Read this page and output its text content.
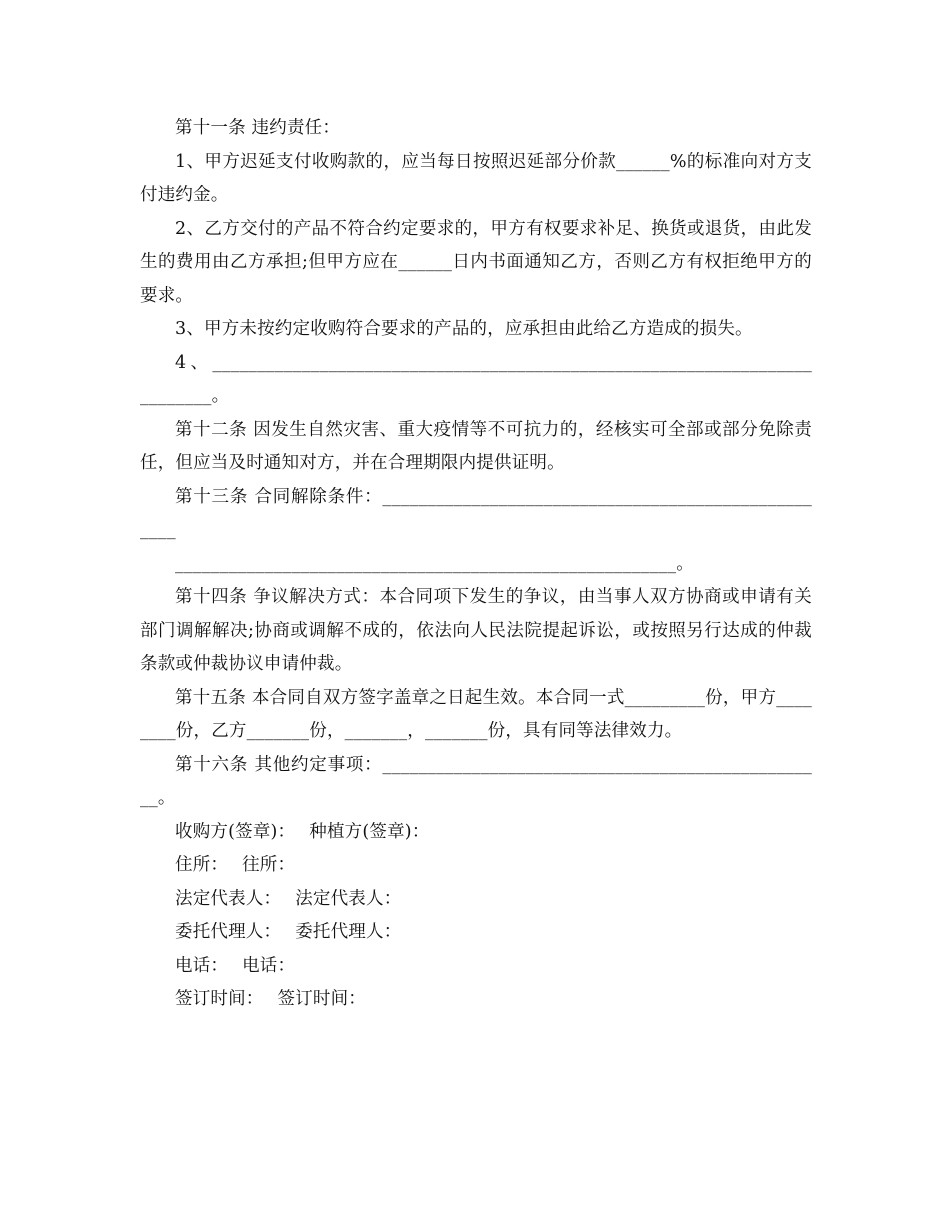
第十一条 违约责任：

1、甲方迟延支付收购款的，应当每日按照迟延部分价款______%的标准向对方支付违约金。

2、乙方交付的产品不符合约定要求的，甲方有权要求补足、换货或退货，由此发生的费用由乙方承担;但甲方应在______日内书面通知乙方，否则乙方有权拒绝甲方的要求。

3、甲方未按约定收购符合要求的产品的，应承担由此给乙方造成的损失。

4、___________________________________________________________________________。

第十二条 因发生自然灾害、重大疫情等不可抗力的，经核实可全部或部分免除责任，但应当及时通知对方，并在合理期限内提供证明。

第十三条 合同解除条件：____________________________________________________

________________________________________________________。

第十四条 争议解决方式：本合同项下发生的争议，由当事人双方协商或申请有关部门调解解决;协商或调解不成的，依法向人民法院提起诉讼，或按照另行达成的仲裁条款或仲裁协议申请仲裁。

第十五条 本合同自双方签字盖章之日起生效。本合同一式_________份，甲方________份，乙方_______份，_______，_______份，具有同等法律效力。

第十六条 其他约定事项：__________________________________________________。

收购方(签章)： 种植方(签章)：

住所： 往所：

法定代表人： 法定代表人：

委托代理人： 委托代理人：

电话： 电话：

签订时间： 签订时间：
